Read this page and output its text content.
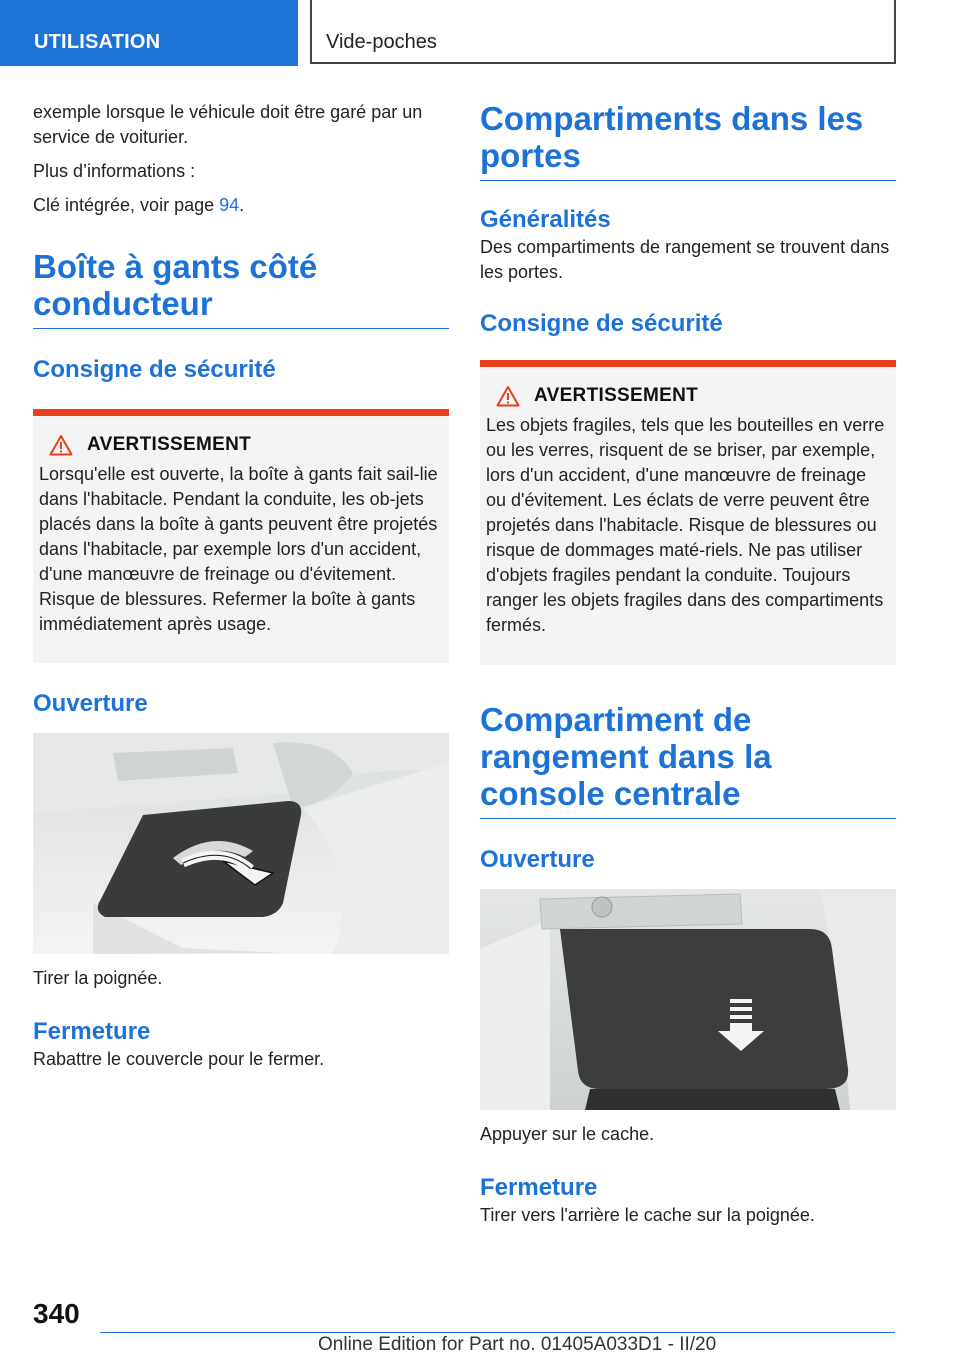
UTILISATION	Vide-poches

exemple lorsque le véhicule doit être garé par un service de voiturier.

Plus d’informations :

Clé intégrée, voir page 94.

Boîte à gants côté conducteur
Consigne de sécurité
AVERTISSEMENT

Lorsqu'elle est ouverte, la boîte à gants fait sail-lie dans l'habitacle. Pendant la conduite, les ob-jets placés dans la boîte à gants peuvent être projetés dans l'habitacle, par exemple lors d'un accident, d'une manœuvre de freinage ou d'évitement. Risque de blessures. Refermer la boîte à gants immédiatement après usage.

Ouverture

Tirer la poignée.

Fermeture

Rabattre le couvercle pour le fermer.

Compartiments dans les portes
Généralités

Des compartiments de rangement se trouvent dans les portes.

Consigne de sécurité
AVERTISSEMENT

Les objets fragiles, tels que les bouteilles en verre ou les verres, risquent de se briser, par exemple, lors d'un accident, d'une manœuvre de freinage ou d'évitement. Les éclats de verre peuvent être projetés dans l'habitacle. Risque de blessures ou risque de dommages maté-riels. Ne pas utiliser d'objets fragiles pendant la conduite. Toujours ranger les objets fragiles dans des compartiments fermés.

Compartiment de rangement dans la console centrale
Ouverture

Appuyer sur le cache.

Fermeture

Tirer vers l'arrière le cache sur la poignée.

340
Online Edition for Part no. 01405A033D1 - II/20
